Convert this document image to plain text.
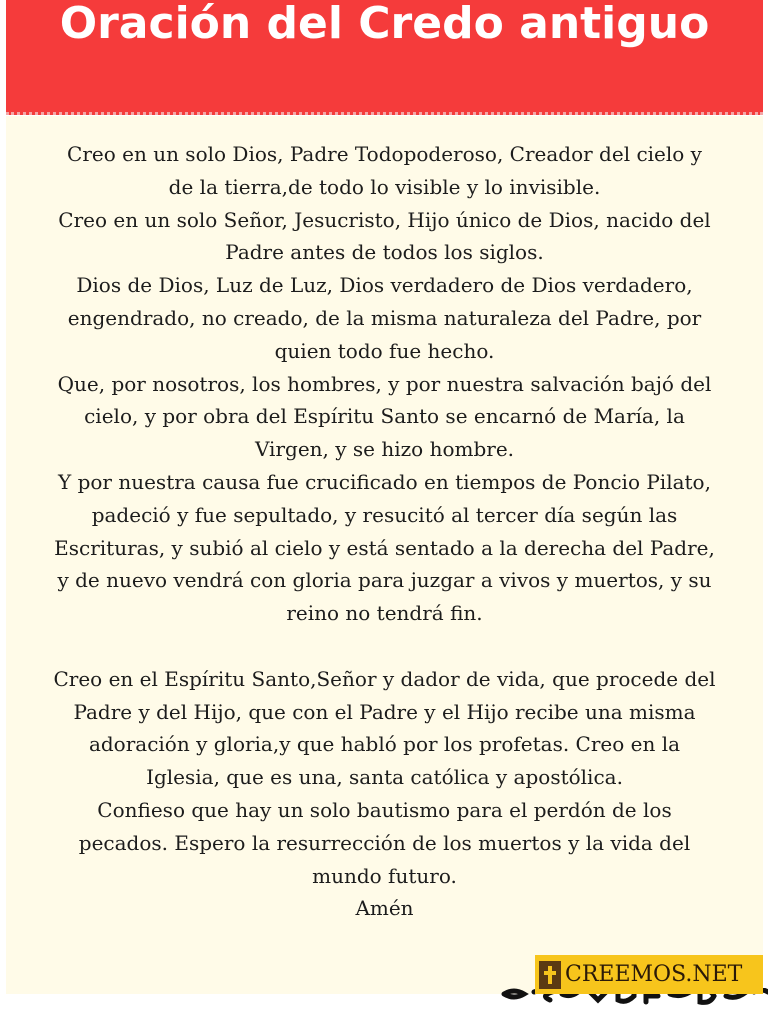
Oración del Credo antiguo
Creo en un solo Dios, Padre Todopoderoso, Creador del cielo y
de la tierra,de todo lo visible y lo invisible.
Creo en un solo Señor, Jesucristo, Hijo único de Dios, nacido del
Padre antes de todos los siglos.
Dios de Dios, Luz de Luz, Dios verdadero de Dios verdadero,
engendrado, no creado, de la misma naturaleza del Padre, por
quien todo fue hecho.
Que, por nosotros, los hombres, y por nuestra salvación bajó del
cielo, y por obra del Espíritu Santo se encarnó de María, la
Virgen, y se hizo hombre.
Y por nuestra causa fue crucificado en tiempos de Poncio Pilato,
padeció y fue sepultado, y resucitó al tercer día según las
Escrituras, y subió al cielo y está sentado a la derecha del Padre,
y de nuevo vendrá con gloria para juzgar a vivos y muertos, y su
reino no tendrá fin.
Creo en el Espíritu Santo,Señor y dador de vida, que procede del
Padre y del Hijo, que con el Padre y el Hijo recibe una misma
adoración y gloria,y que habló por los profetas. Creo en la
Iglesia, que es una, santa católica y apostólica.
Confieso que hay un solo bautismo para el perdón de los
pecados. Espero la resurrección de los muertos y la vida del
mundo futuro.
Amén
CREEMOS.NET
